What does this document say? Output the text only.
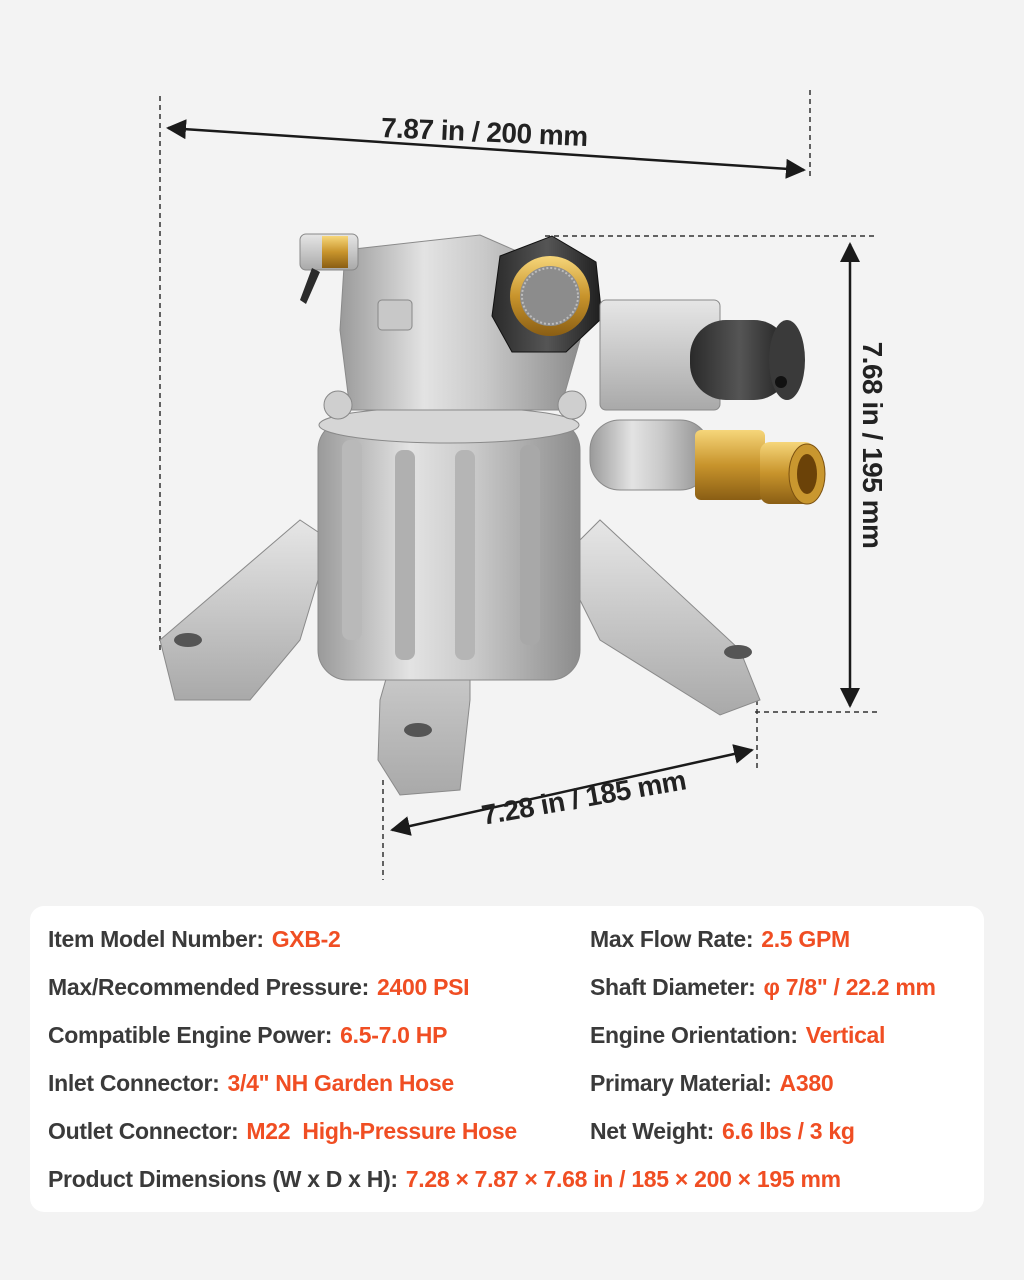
7.87 in / 200 mm
7.68 in / 195 mm
7.28 in / 185 mm
Item Model Number: GXB-2
Max/Recommended Pressure: 2400 PSI
Compatible Engine Power: 6.5-7.0 HP
Inlet Connector: 3/4" NH Garden Hose
Outlet Connector: M22  High-Pressure Hose
Max Flow Rate: 2.5 GPM
Shaft Diameter: φ 7/8" / 22.2 mm
Engine Orientation: Vertical
Primary Material: A380
Net Weight: 6.6 lbs / 3 kg
Product Dimensions (W x D x H): 7.28 × 7.87 × 7.68 in / 185 × 200 × 195 mm
